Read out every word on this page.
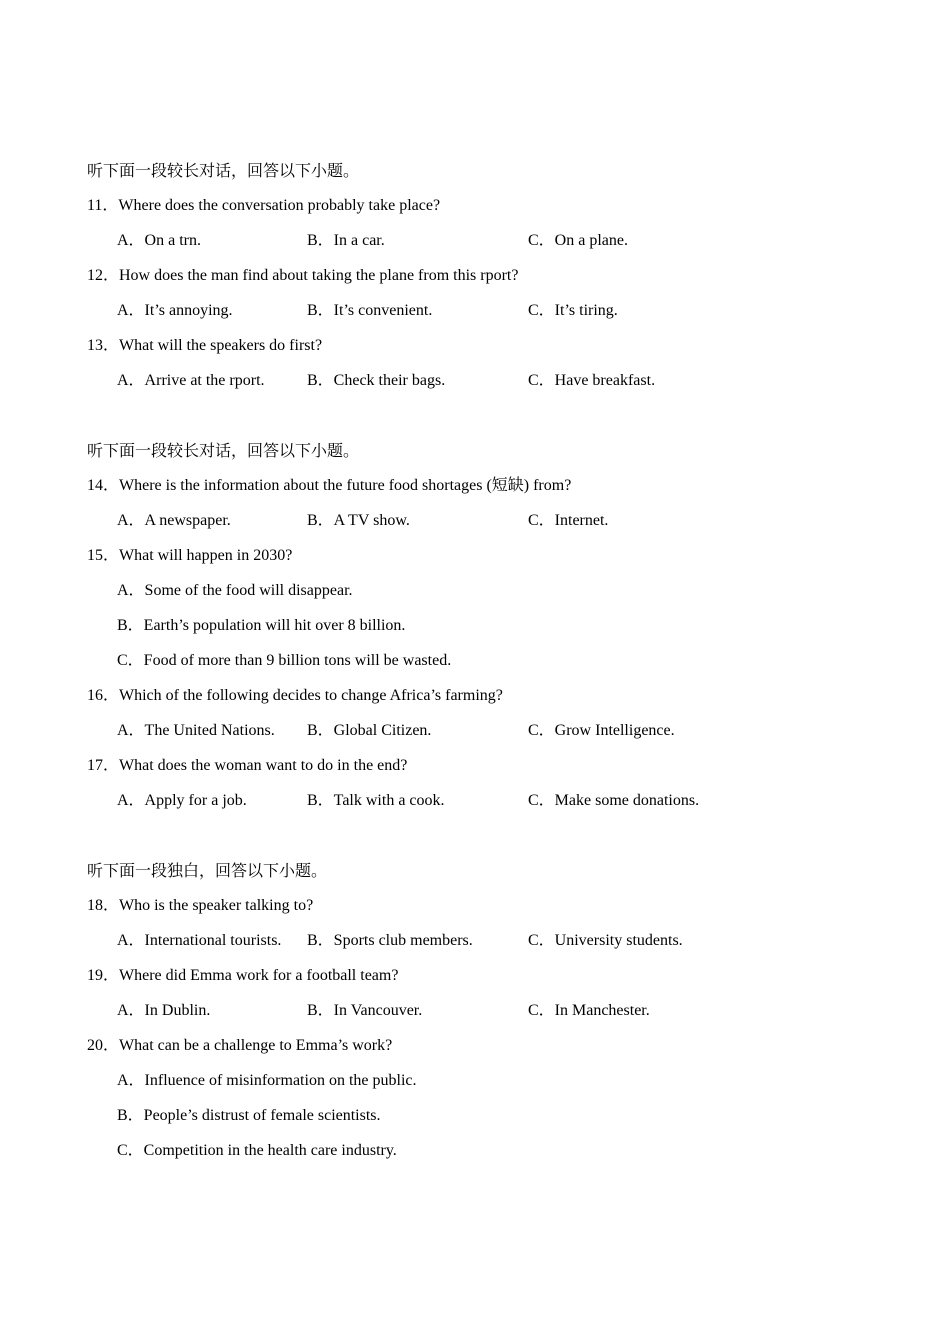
听下面一段较长对话，回答以下小题。
11．Where does the conversation probably take place?
A．On a trn.	B．In a car.	C．On a plane.
12．How does the man find about taking the plane from this rport?
A．It’s annoying.	B．It’s convenient.	C．It’s tiring.
13．What will the speakers do first?
A．Arrive at the rport.	B．Check their bags.	C．Have breakfast.
听下面一段较长对话，回答以下小题。
14．Where is the information about the future food shortages (短缺) from?
A．A newspaper.	B．A TV show.	C．Internet.
15．What will happen in 2030?
A．Some of the food will disappear.
B．Earth’s population will hit over 8 billion.
C．Food of more than 9 billion tons will be wasted.
16．Which of the following decides to change Africa’s farming?
A．The United Nations. B．Global Citizen.	C．Grow Intelligence.
17．What does the woman want to do in the end?
A．Apply for a job.	B．Talk with a cook.	C．Make some donations.
听下面一段独白，回答以下小题。
18．Who is the speaker talking to?
A．International tourists. B．Sports club members.	C．University students.
19．Where did Emma work for a football team?
A．In Dublin.	B．In Vancouver.	C．In Manchester.
20．What can be a challenge to Emma’s work?
A．Influence of misinformation on the public.
B．People’s distrust of female scientists.
C．Competition in the health care industry.
